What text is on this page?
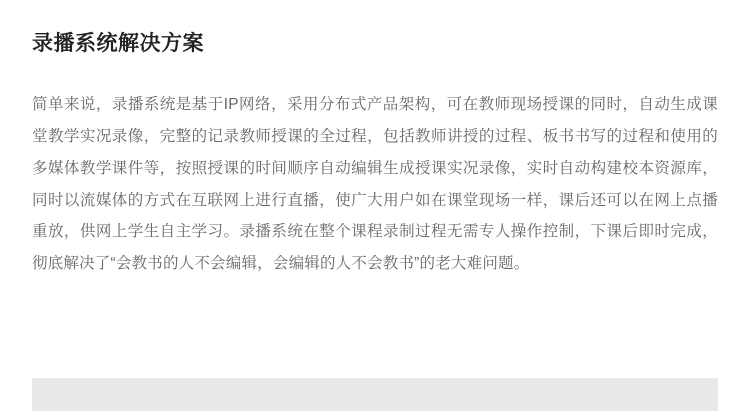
录播系统解决方案

简单来说，录播系统是基于IP网络，采用分布式产品架构，可在教师现场授课的同时，自动生成课堂教学实况录像，完整的记录教师授课的全过程，包括教师讲授的过程、板书书写的过程和使用的多媒体教学课件等，按照授课的时间顺序自动编辑生成授课实况录像，实时自动构建校本资源库，同时以流媒体的方式在互联网上进行直播，使广大用户如在课堂现场一样，课后还可以在网上点播重放，供网上学生自主学习。录播系统在整个课程录制过程无需专人操作控制，下课后即时完成，彻底解决了“会教书的人不会编辑，会编辑的人不会教书”的老大难问题。
